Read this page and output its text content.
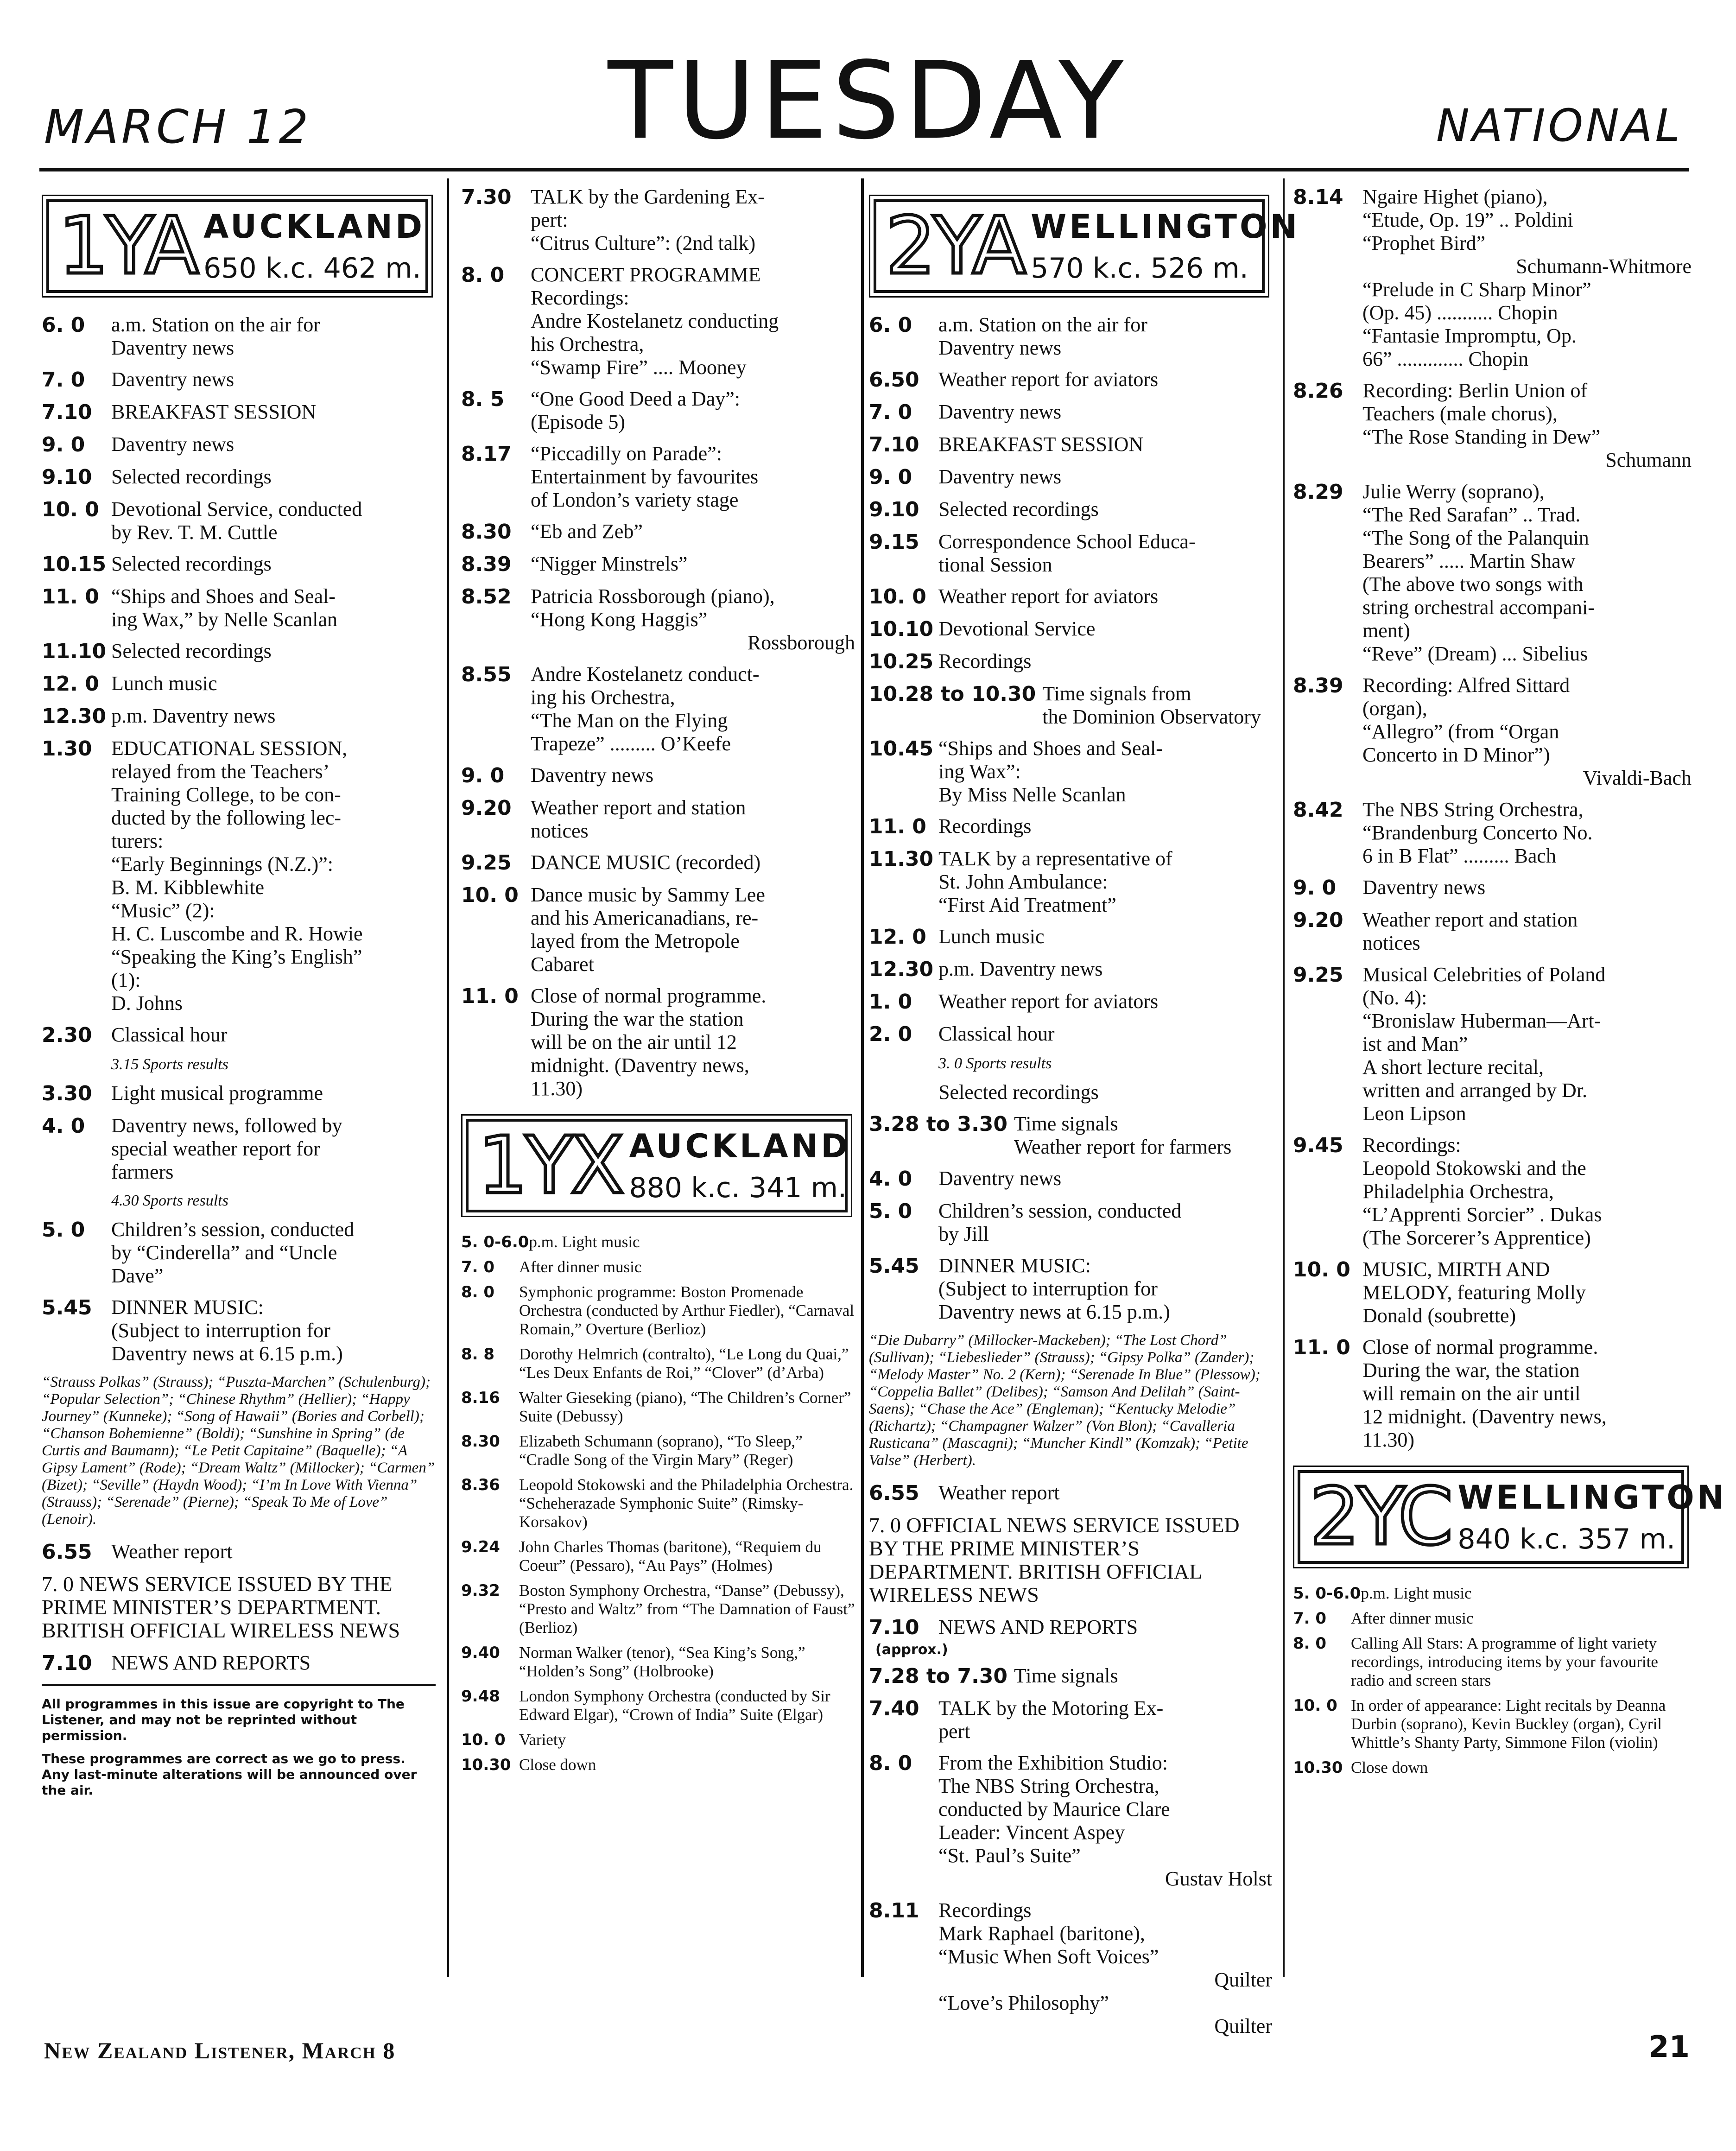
MARCH 12	TUESDAY	NATIONAL
1YA AUCKLAND
650 k.c. 462 m.
6. 0	a.m. Station on the air for
Daventry news
7. 0	Daventry news
7.10 BREAKFAST SESSION
9. 0	Daventry news
9.10 Selected recordings
10. 0 Devotional Service, conducted
by Rev. T. M. Cuttle
10.15 Selected recordings
11. 0 “Ships and Shoes and Seal-
ing Wax,” by Nelle Scanlan
11.10 Selected recordings
12. 0 Lunch music
12.30 p.m. Daventry news
1.30 EDUCATIONAL SESSION,
relayed from the Teachers’
Training College, to be con-
ducted by the following lec-
turers:
“Early Beginnings (N.Z.)”:
B. M. Kibblewhite
“Music” (2):
H. C. Luscombe and R. Howie
“Speaking the King’s English”
(1):
D. Johns
2.30 Classical hour
3.15 Sports results
3.30 Light musical programme
4. 0	Daventry news, followed by
special weather report for
farmers
4.30 Sports results
5. 0	Children’s session, conducted
by “Cinderella” and “Uncle
Dave”
5.45 DINNER MUSIC:
(Subject to interruption for
Daventry news at 6.15 p.m.)
“Strauss Polkas” (Strauss); “Puszta-Marchen” (Schulenburg); “Popular Selection”; “Chinese Rhythm” (Hellier); “Happy Journey” (Kunneke); “Song of Hawaii” (Bories and Corbell); “Chanson Bohemienne” (Boldi); “Sunshine in Spring” (de Curtis and Baumann); “Le Petit Capitaine” (Baquelle); “A Gipsy Lament” (Rode); “Dream Waltz” (Millocker); “Carmen” (Bizet); “Seville” (Haydn Wood); “I’m In Love With Vienna” (Strauss); “Serenade” (Pierne); “Speak To Me of Love” (Lenoir).
6.55 Weather report
7. 0 NEWS SERVICE ISSUED BY THE PRIME MINISTER’S DEPARTMENT. BRITISH OFFICIAL WIRELESS NEWS
7.10 NEWS AND REPORTS

All programmes in this issue are copyright to The Listener, and may not be reprinted without permission.

These programmes are correct as we go to press. Any last-minute alterations will be announced over the air.

7.30 TALK by the Gardening Ex-
pert:
“Citrus Culture”: (2nd talk)
8. 0	CONCERT PROGRAMME
Recordings:
Andre Kostelanetz conducting
his Orchestra,
“Swamp Fire” .... Mooney
8. 5	“One Good Deed a Day”:
(Episode 5)
8.17 “Piccadilly on Parade”:
Entertainment by favourites
of London’s variety stage
8.30 “Eb and Zeb”
8.39 “Nigger Minstrels”
8.52 Patricia Rossborough (piano),
“Hong Kong Haggis”
Rossborough
8.55 Andre Kostelanetz conduct-
ing his Orchestra,
“The Man on the Flying
Trapeze” ......... O’Keefe
9. 0	Daventry news
9.20 Weather report and station
notices
9.25 DANCE MUSIC (recorded)
10. 0 Dance music by Sammy Lee
and his Americanadians, re-
layed from the Metropole
Cabaret
11. 0 Close of normal programme.
During the war the station
will be on the air until 12
midnight. (Daventry news,
11.30)
1YX AUCKLAND
880 k.c. 341 m.
5. 0-6.0 p.m. Light music
7. 0	After dinner music
8. 0	Symphonic programme: Boston Promenade Orchestra (conducted by Arthur Fiedler), “Carnaval Romain,” Overture (Berlioz)
8. 8	Dorothy Helmrich (contralto), “Le Long du Quai,” “Les Deux Enfants de Roi,” “Clover” (d’Arba)
8.16	Walter Gieseking (piano), “The Children’s Corner” Suite (Debussy)
8.30	Elizabeth Schumann (soprano), “To Sleep,” “Cradle Song of the Virgin Mary” (Reger)
8.36	Leopold Stokowski and the Philadelphia Orchestra. “Scheherazade Symphonic Suite” (Rimsky-Korsakov)
9.24	John Charles Thomas (baritone), “Requiem du Coeur” (Pessaro), “Au Pays” (Holmes)
9.32	Boston Symphony Orchestra, “Danse” (Debussy), “Presto and Waltz” from “The Damnation of Faust” (Berlioz)
9.40	Norman Walker (tenor), “Sea King’s Song,” “Holden’s Song” (Holbrooke)
9.48	London Symphony Orchestra (conducted by Sir Edward Elgar), “Crown of India” Suite (Elgar)
10. 0 Variety
10.30 Close down
2YA WELLINGTON
570 k.c. 526 m.
6. 0	a.m. Station on the air for
Daventry news
6.50 Weather report for aviators
7. 0	Daventry news
7.10 BREAKFAST SESSION
9. 0	Daventry news
9.10 Selected recordings
9.15 Correspondence School Educa-
tional Session
10. 0 Weather report for aviators
10.10 Devotional Service
10.25 Recordings
10.28 to 10.30 Time signals from
the Dominion Observatory
10.45 “Ships and Shoes and Seal-
ing Wax”:
By Miss Nelle Scanlan
11. 0 Recordings
11.30 TALK by a representative of
St. John Ambulance:
“First Aid Treatment”
12. 0 Lunch music
12.30 p.m. Daventry news
1. 0	Weather report for aviators
2. 0	Classical hour
3. 0 Sports results
Selected recordings
3.28 to 3.30 Time signals
Weather report for farmers
4. 0	Daventry news
5. 0	Children’s session, conducted
by Jill
5.45 DINNER MUSIC:
(Subject to interruption for
Daventry news at 6.15 p.m.)
“Die Dubarry” (Millocker-Mackeben); “The Lost Chord” (Sullivan); “Liebeslieder” (Strauss); “Gipsy Polka” (Zander); “Melody Master” No. 2 (Kern); “Serenade In Blue” (Plessow); “Coppelia Ballet” (Delibes); “Samson And Delilah” (Saint-Saens); “Chase the Ace” (Engleman); “Kentucky Melodie” (Richartz); “Champagner Walzer” (Von Blon); “Cavalleria Rusticana” (Mascagni); “Muncher Kindl” (Komzak); “Petite Valse” (Herbert).
6.55 Weather report
7. 0 OFFICIAL NEWS SERVICE ISSUED BY THE PRIME MINISTER’S DEPARTMENT. BRITISH OFFICIAL WIRELESS NEWS
7.10 NEWS AND REPORTS
(approx.)
7.28 to 7.30 Time signals
7.40 TALK by the Motoring Ex-
pert
8. 0	From the Exhibition Studio:
The NBS String Orchestra,
conducted by Maurice Clare
Leader: Vincent Aspey
“St. Paul’s Suite”
Gustav Holst
8.11 Recordings
Mark Raphael (baritone),
“Music When Soft Voices”
Quilter
“Love’s Philosophy”
Quilter
8.14 Ngaire Highet (piano),
“Etude, Op. 19” .. Poldini
“Prophet Bird”
Schumann-Whitmore
“Prelude in C Sharp Minor”
(Op. 45) ........... Chopin
“Fantasie Impromptu, Op.
66” ............. Chopin
8.26 Recording: Berlin Union of
Teachers (male chorus),
“The Rose Standing in Dew”
Schumann
8.29 Julie Werry (soprano),
“The Red Sarafan” .. Trad.
“The Song of the Palanquin
Bearers” ..... Martin Shaw
(The above two songs with
string orchestral accompani-
ment)
“Reve” (Dream) ... Sibelius
8.39 Recording: Alfred Sittard
(organ),
“Allegro” (from “Organ
Concerto in D Minor”)
Vivaldi-Bach
8.42 The NBS String Orchestra,
“Brandenburg Concerto No.
6 in B Flat” ......... Bach
9. 0	Daventry news
9.20 Weather report and station
notices
9.25 Musical Celebrities of Poland
(No. 4):
“Bronislaw Huberman—Art-
ist and Man”
A short lecture recital,
written and arranged by Dr.
Leon Lipson
9.45 Recordings:
Leopold Stokowski and the
Philadelphia Orchestra,
“L’Apprenti Sorcier” . Dukas
(The Sorcerer’s Apprentice)
10. 0 MUSIC, MIRTH AND
MELODY, featuring Molly
Donald (soubrette)
11. 0 Close of normal programme.
During the war, the station
will remain on the air until
12 midnight. (Daventry news,
11.30)
2YC WELLINGTON
840 k.c. 357 m.
5. 0-6.0 p.m. Light music
7. 0	After dinner music
8. 0	Calling All Stars: A programme of light variety recordings, introducing items by your favourite radio and screen stars
10. 0 In order of appearance: Light recitals by Deanna Durbin (soprano), Kevin Buckley (organ), Cyril Whittle’s Shanty Party, Simmone Filon (violin)
10.30 Close down
New Zealand Listener, March 8	21
